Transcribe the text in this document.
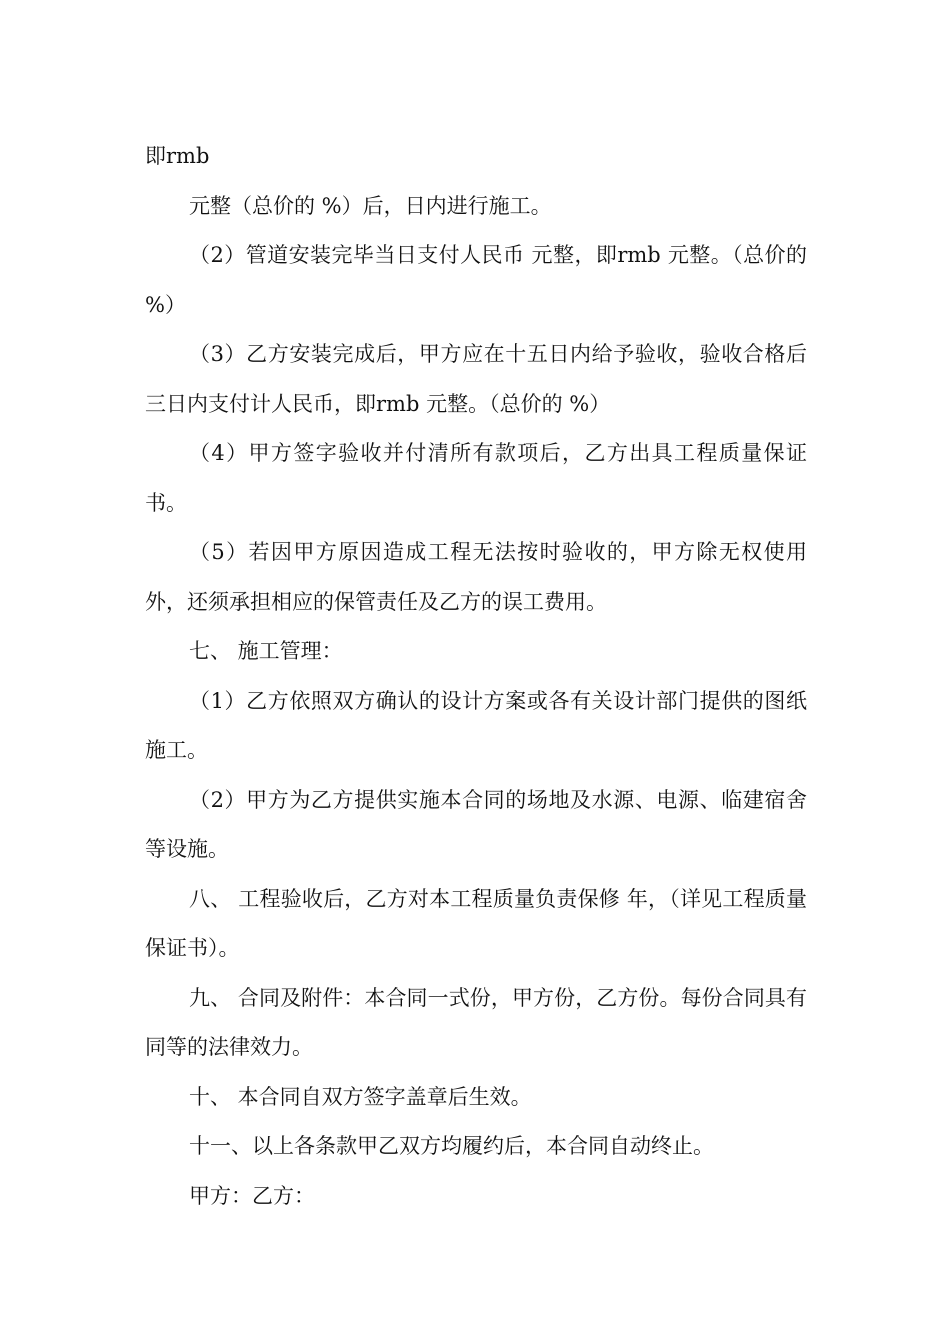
即rmb

元整（总价的 %）后，日内进行施工。

（2）管道安装完毕当日支付人民币 元整，即rmb 元整。（总价的 %）

（3）乙方安装完成后，甲方应在十五日内给予验收，验收合格后三日内支付计人民币，即rmb 元整。（总价的 %）

（4）甲方签字验收并付清所有款项后，乙方出具工程质量保证书。

（5）若因甲方原因造成工程无法按时验收的，甲方除无权使用外，还须承担相应的保管责任及乙方的误工费用。

七、 施工管理：

（1）乙方依照双方确认的设计方案或各有关设计部门提供的图纸施工。

（2）甲方为乙方提供实施本合同的场地及水源、电源、临建宿舍等设施。

八、 工程验收后，乙方对本工程质量负责保修 年，（详见工程质量保证书）。

九、 合同及附件：本合同一式份，甲方份，乙方份。每份合同具有同等的法律效力。

十、 本合同自双方签字盖章后生效。

十一、以上各条款甲乙双方均履约后，本合同自动终止。

甲方：乙方：
